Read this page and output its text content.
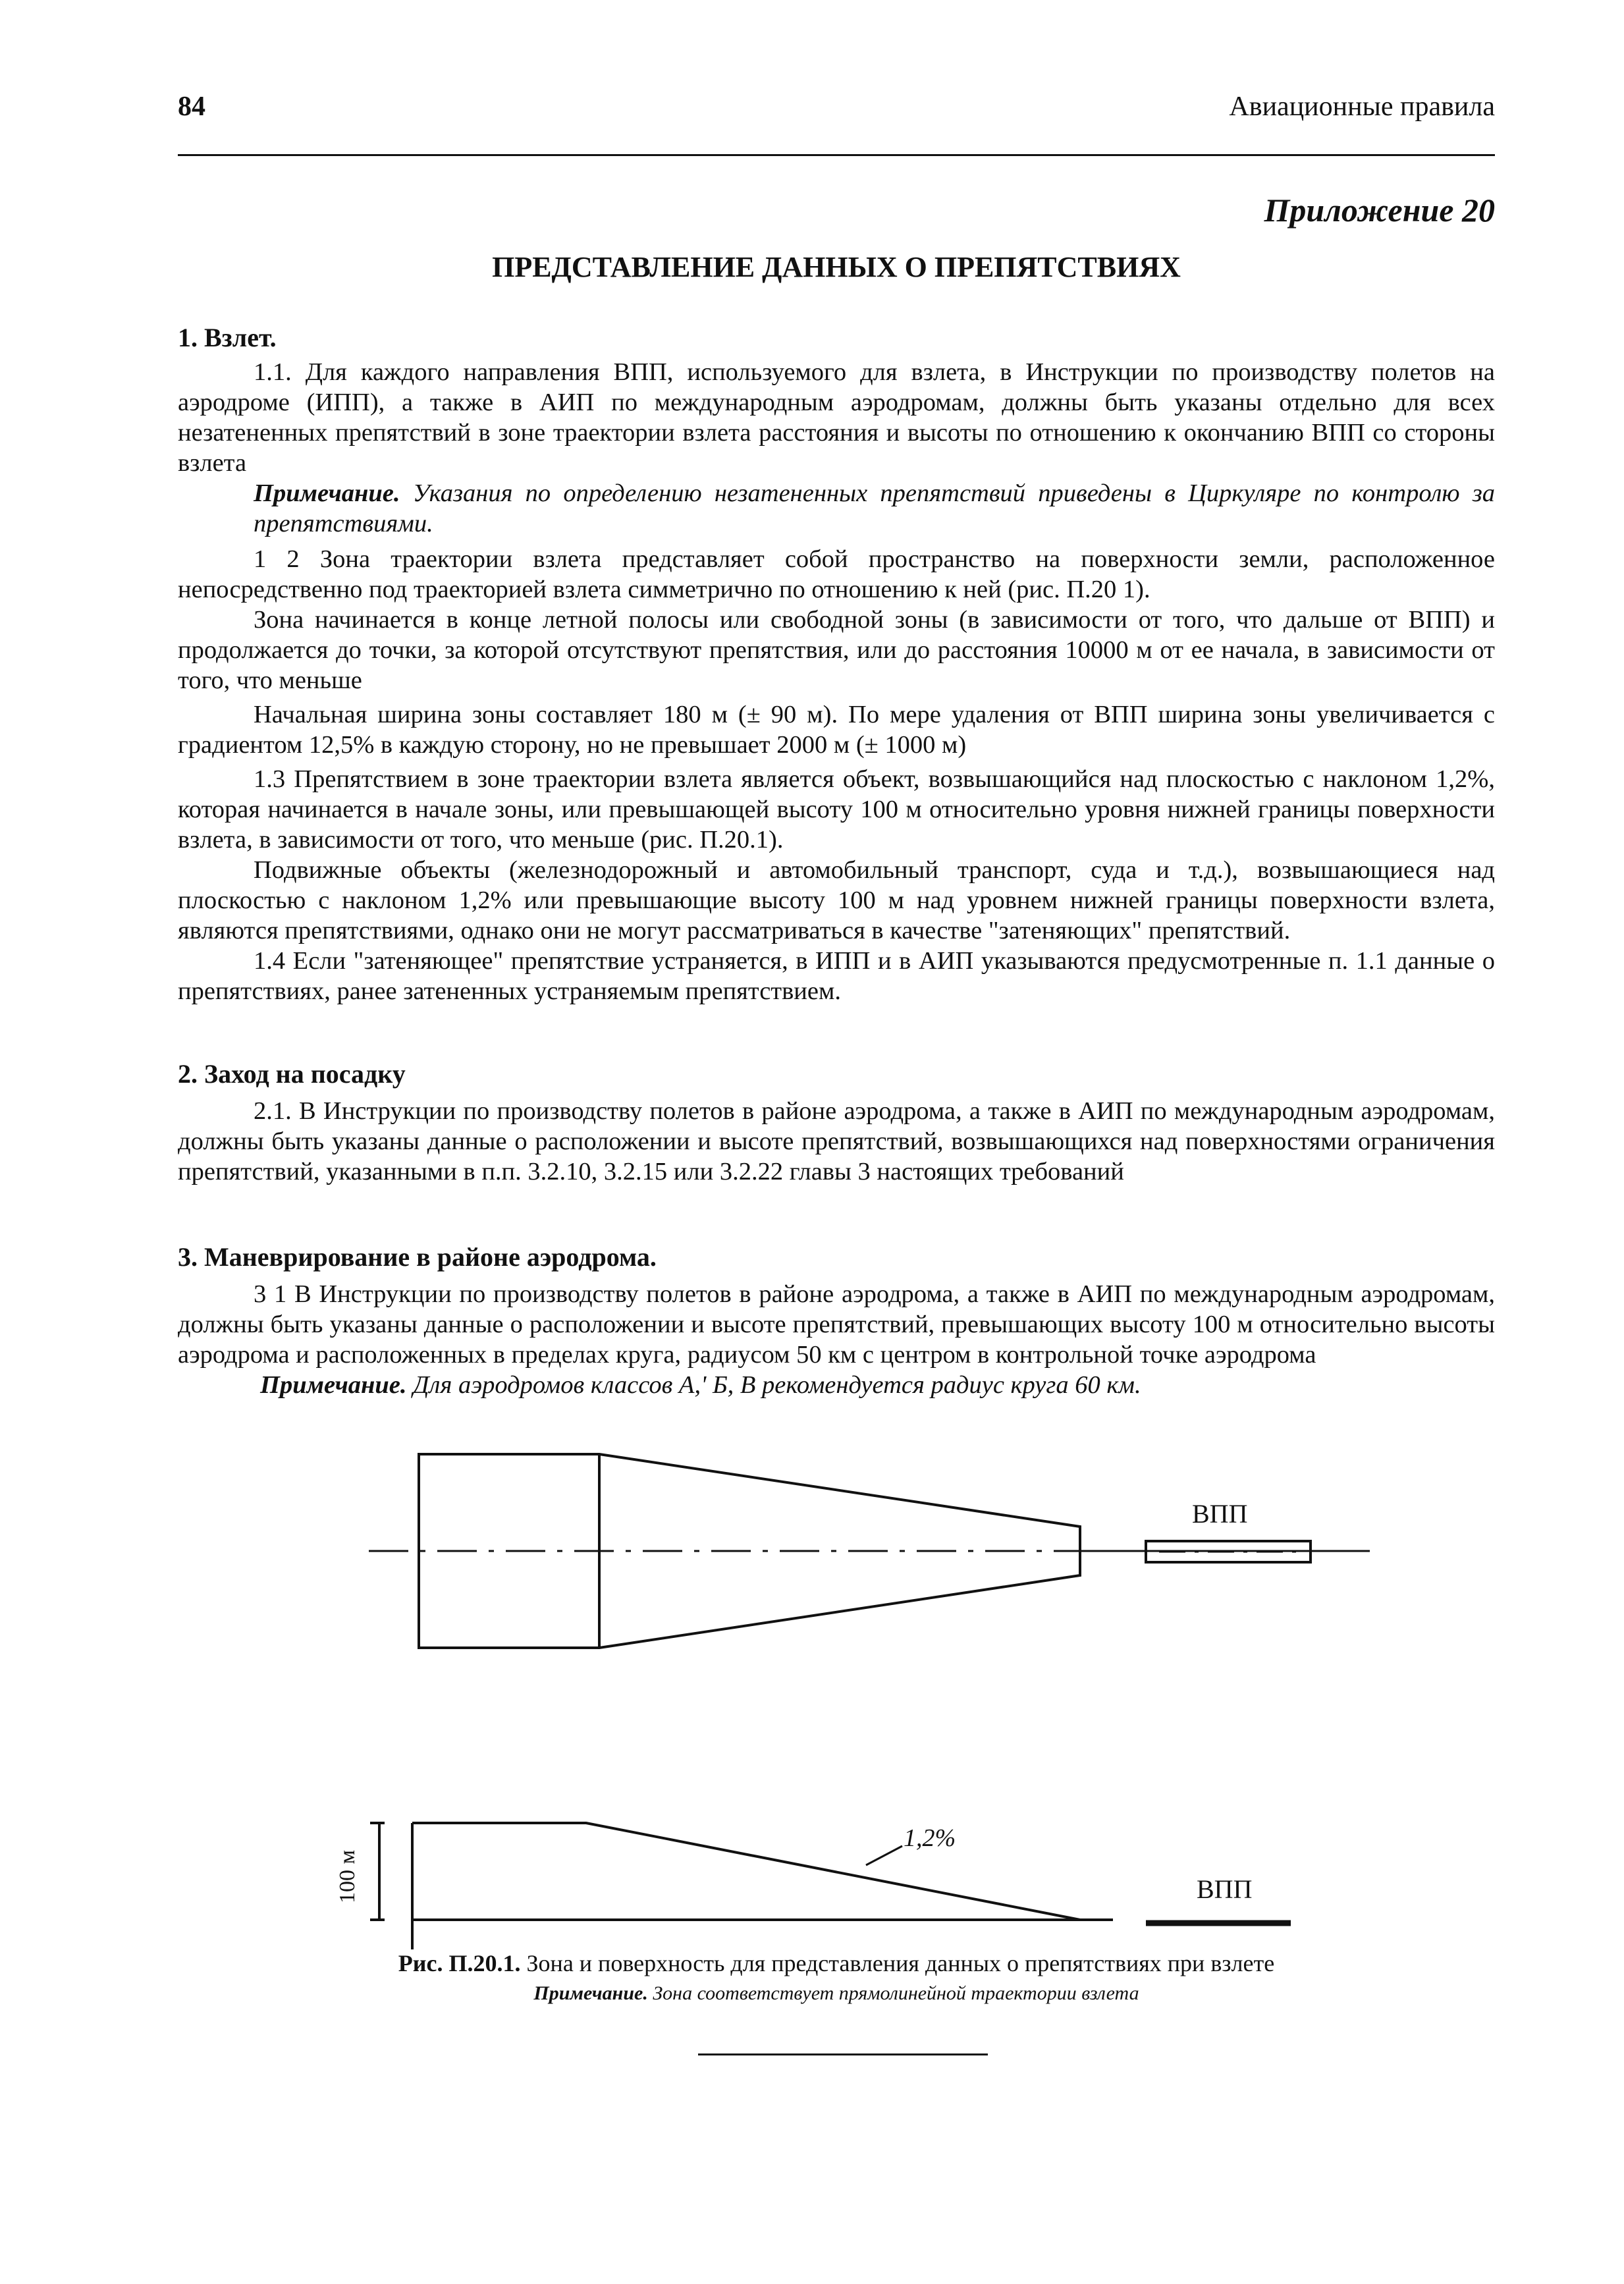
84	Авиационные правила
Приложение 20
ПРЕДСТАВЛЕНИЕ ДАННЫХ О ПРЕПЯТСТВИЯХ

1. Взлет.

1.1. Для каждого направления ВПП, используемого для взлета, в Инструкции по производству полетов на аэродроме (ИПП), а также в АИП по международным аэродромам, должны быть указаны отдельно для всех незатененных препятствий в зоне траектории взлета расстояния и высоты по отношению к окончанию ВПП со стороны взлета

Примечание. Указания по определению незатененных препятствий приведены в Циркуляре по контролю за препятствиями.

1 2 Зона траектории взлета представляет собой пространство на поверхности земли, расположенное непосредственно под траекторией взлета симметрично по отношению к ней (рис. П.20 1).

Зона начинается в конце летной полосы или свободной зоны (в зависимости от того, что дальше от ВПП) и продолжается до точки, за которой отсутствуют препятствия, или до расстояния 10000 м от ее начала, в зависимости от того, что меньше

Начальная ширина зоны составляет 180 м (± 90 м). По мере удаления от ВПП ширина зоны увеличивается с градиентом 12,5% в каждую сторону, но не превышает 2000 м (± 1000 м)

1.3 Препятствием в зоне траектории взлета является объект, возвышающийся над плоскостью с наклоном 1,2%, которая начинается в начале зоны, или превышающей высоту 100 м относительно уровня нижней границы поверхности взлета, в зависимости от того, что меньше (рис. П.20.1).

Подвижные объекты (железнодорожный и автомобильный транспорт, суда и т.д.), возвышающиеся над плоскостью с наклоном 1,2% или превышающие высоту 100 м над уровнем нижней границы поверхности взлета, являются препятствиями, однако они не могут рассматриваться в качестве "затеняющих" препятствий.

1.4 Если "затеняющее" препятствие устраняется, в ИПП и в АИП указываются предусмотренные п. 1.1 данные о препятствиях, ранее затененных устраняемым препятствием.

2. Заход на посадку

2.1. В Инструкции по производству полетов в районе аэродрома, а также в АИП по международным аэродромам, должны быть указаны данные о расположении и высоте препятствий, возвышающихся над поверхностями ограничения препятствий, указанными в п.п. 3.2.10, 3.2.15 или 3.2.22 главы 3 настоящих требований

3. Маневрирование в районе аэродрома.

3 1 В Инструкции по производству полетов в районе аэродрома, а также в АИП по международным аэродромам, должны быть указаны данные о расположении и высоте препятствий, превышающих высоту 100 м относительно высоты аэродрома и расположенных в пределах круга, радиусом 50 км с центром в контрольной точке аэродрома

Примечание. Для аэродромов классов А,' Б, В рекомендуется радиус круга 60 км.

ВПП
ВПП
1,2%
100 м
Рис. П.20.1. Зона и поверхность для представления данных о препятствиях при взлете
Примечание. Зона соответствует прямолинейной траектории взлета
